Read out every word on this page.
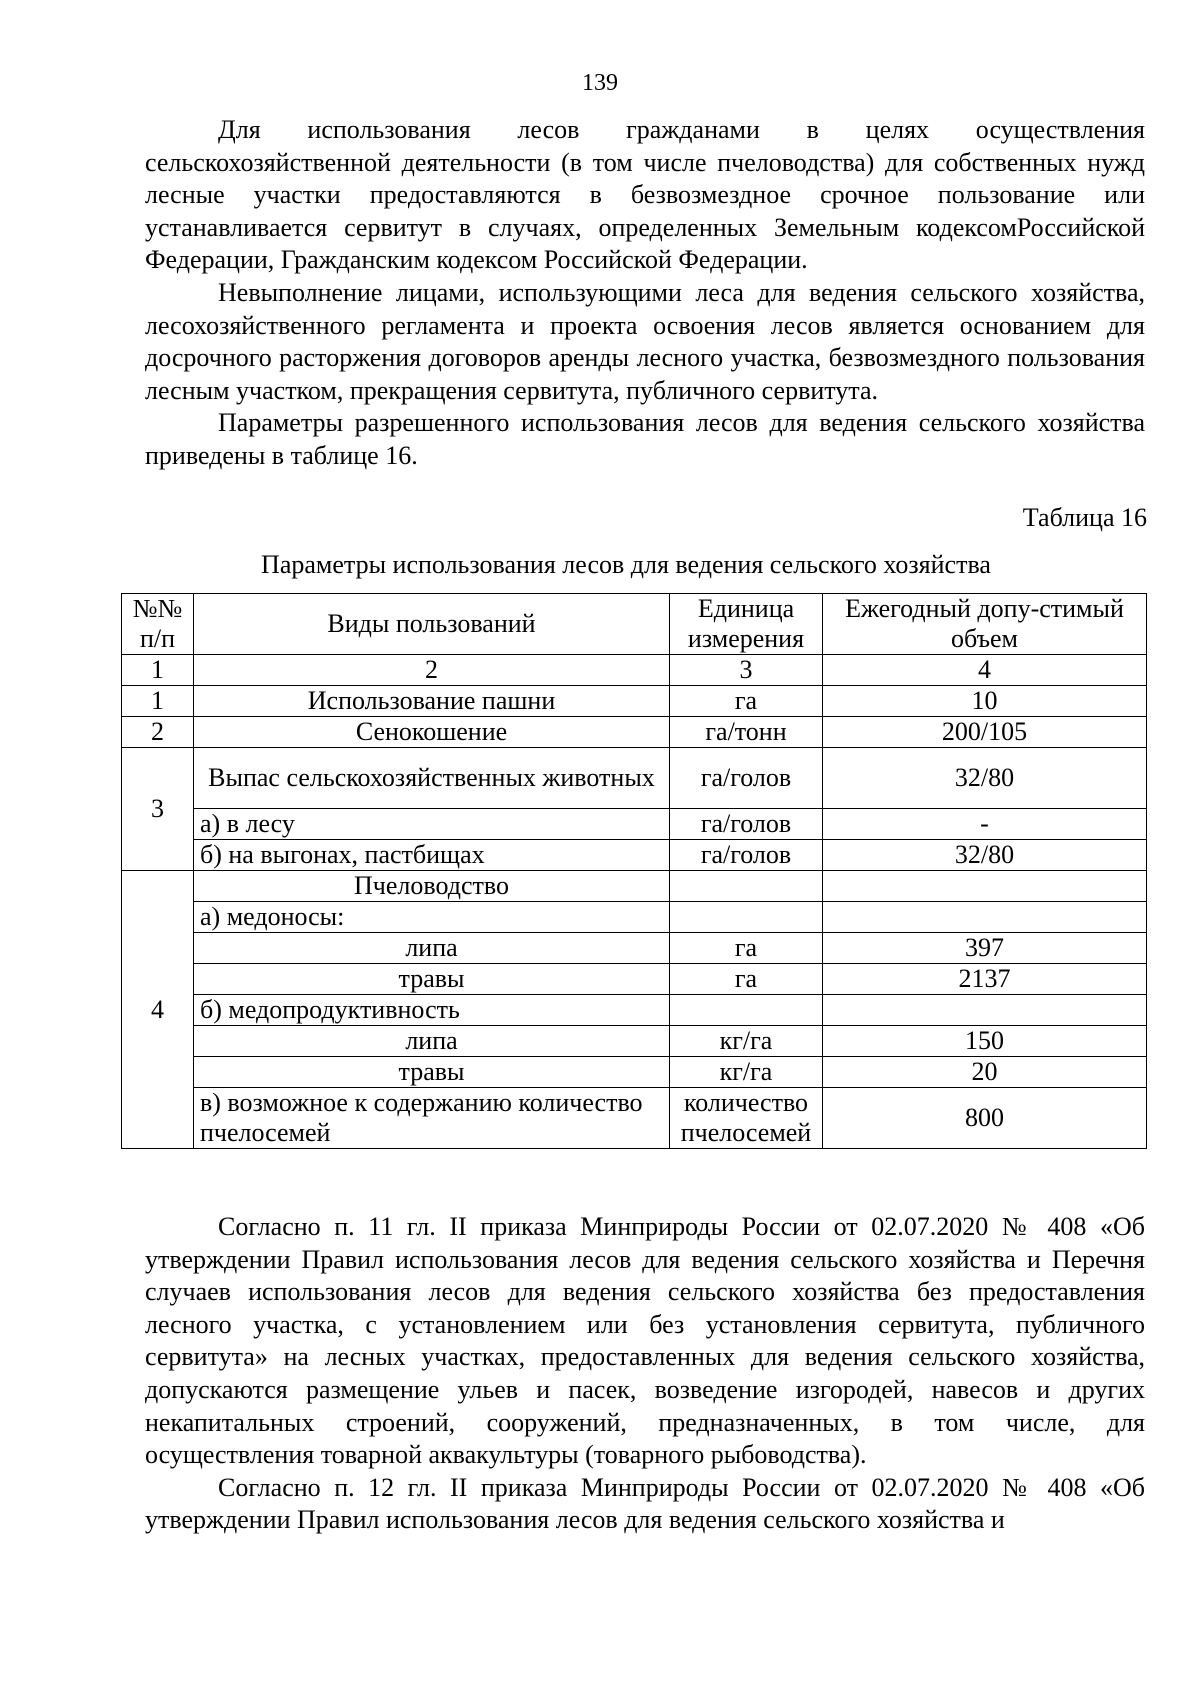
139

Для использования лесов гражданами в целях осуществления сельскохозяйственной деятельности (в том числе пчеловодства) для собственных нужд лесные участки предоставляются в безвозмездное срочное пользование или устанавливается сервитут в случаях, определенных Земельным кодексомРоссийской Федерации, Гражданским кодексом Российской Федерации.

Невыполнение лицами, использующими леса для ведения сельского хозяйства, лесохозяйственного регламента и проекта освоения лесов является основанием для досрочного расторжения договоров аренды лесного участка, безвозмездного пользования лесным участком, прекращения сервитута, публичного сервитута.

Параметры разрешенного использования лесов для ведения сельского хозяйства приведены в таблице 16.

Таблица 16
Параметры использования лесов для ведения сельского хозяйства
№№ п/п	Виды пользований	Единица измерения	Ежегодный допу-стимый объем
1	2	3	4
1	Использование пашни	га	10
2	Сенокошение	га/тонн	200/105
3	Выпас сельскохозяйственных животных	га/голов	32/80
	а) в лесу	га/голов	-
	б) на выгонах, пастбищах	га/голов	32/80
4	Пчеловодство		
	а) медоносы:		
	липа	га	397
	травы	га	2137
	б) медопродуктивность		
	липа	кг/га	150
	травы	кг/га	20
	в) возможное к содержанию количество пчелосемей	количество пчелосемей	800

Согласно п. 11 гл. II приказа Минприроды России от 02.07.2020 № 408 «Об утверждении Правил использования лесов для ведения сельского хозяйства и Перечня случаев использования лесов для ведения сельского хозяйства без предоставления лесного участка, с установлением или без установления сервитута, публичного сервитута» на лесных участках, предоставленных для ведения сельского хозяйства, допускаются размещение ульев и пасек, возведение изгородей, навесов и других некапитальных строений, сооружений, предназначенных, в том числе, для осуществления товарной аквакультуры (товарного рыбоводства).

Согласно п. 12 гл. II приказа Минприроды России от 02.07.2020 № 408 «Об утверждении Правил использования лесов для ведения сельского хозяйства и
